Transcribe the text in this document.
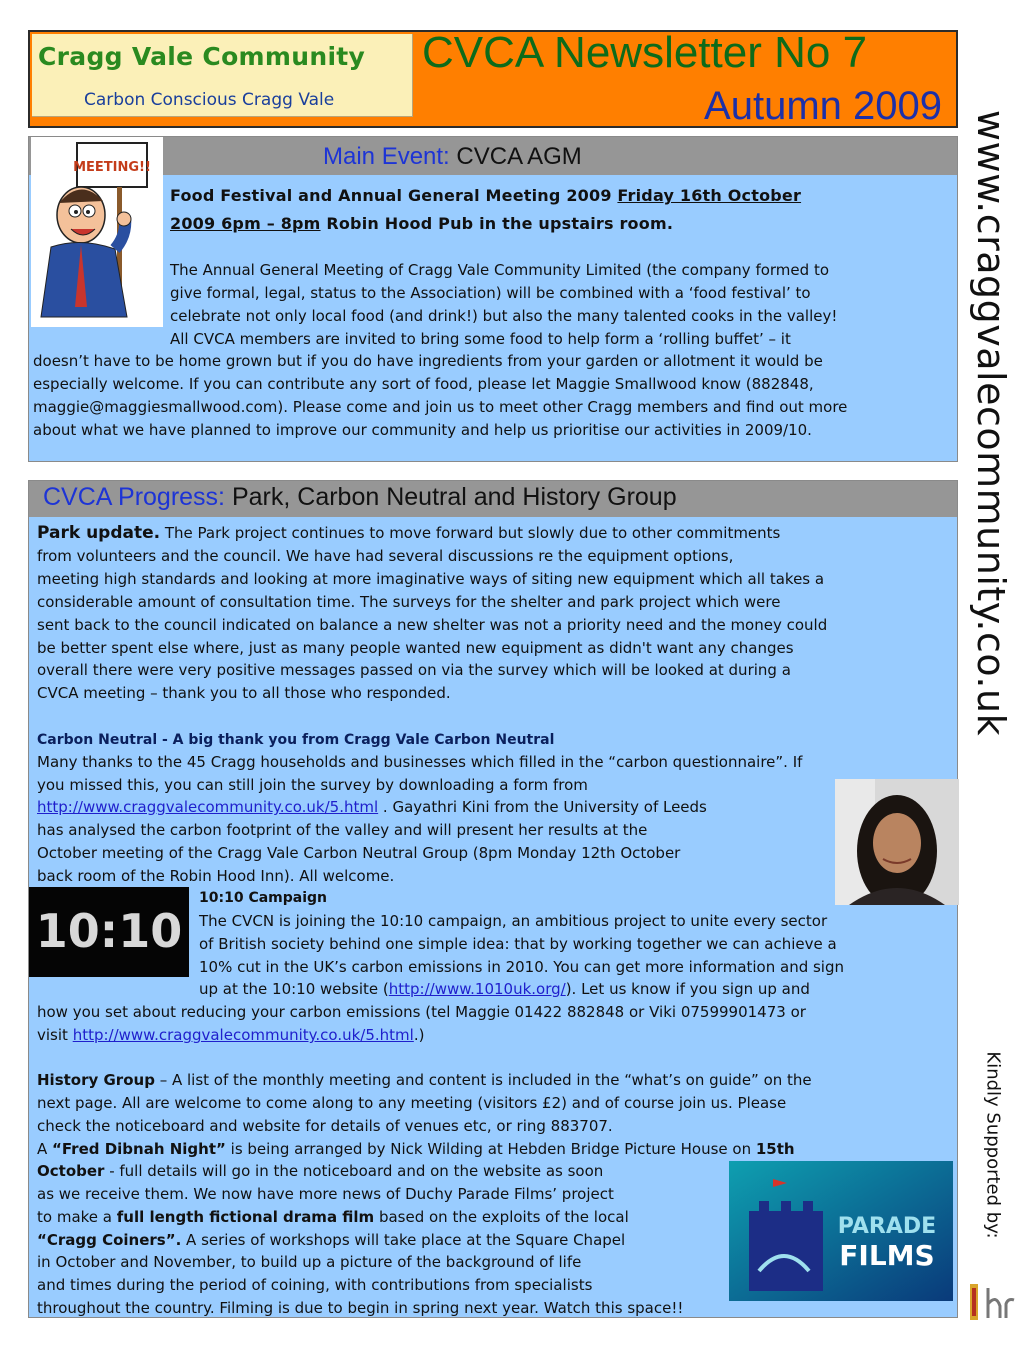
Cragg Vale Community
Carbon Conscious Cragg Vale
CVCA Newsletter No 7
Autumn 2009
www.craggvalecommunity.co.uk
Kindly Supported by:
Main Event: CVCA AGM
MEETING!!
Food Festival and Annual General Meeting 2009 Friday 16th October
2009 6pm – 8pm Robin Hood Pub in the upstairs room.
The Annual General Meeting of Cragg Vale Community Limited (the company formed to
give formal, legal, status to the Association) will be combined with a ‘food festival’ to
celebrate not only local food (and drink!) but also the many talented cooks in the valley!
All CVCA members are invited to bring some food to help form a ‘rolling buffet’ – it
doesn’t have to be home grown but if you do have ingredients from your garden or allotment it would be
especially welcome. If you can contribute any sort of food, please let Maggie Smallwood know (882848,
maggie@maggiesmallwood.com). Please come and join us to meet other Cragg members and find out more
about what we have planned to improve our community and help us prioritise our activities in 2009/10.
CVCA Progress: Park, Carbon Neutral and History Group
Park update. The Park project continues to move forward but slowly due to other commitments
from volunteers and the council. We have had several discussions re the equipment options,
meeting high standards and looking at more imaginative ways of siting new equipment which all takes a
considerable amount of consultation time. The surveys for the shelter and park project which were
sent back to the council indicated on balance a new shelter was not a priority need and the money could
be better spent else where, just as many people wanted new equipment as didn't want any changes
overall there were very positive messages passed on via the survey which will be looked at during a
CVCA meeting – thank you to all those who responded.
Carbon Neutral - A big thank you from Cragg Vale Carbon Neutral
Many thanks to the 45 Cragg households and businesses which filled in the “carbon questionnaire”. If
you missed this, you can still join the survey by downloading a form from
http://www.craggvalecommunity.co.uk/5.html . Gayathri Kini from the University of Leeds
has analysed the carbon footprint of the valley and will present her results at the
October meeting of the Cragg Vale Carbon Neutral Group (8pm Monday 12th October
back room of the Robin Hood Inn). All welcome.
10:10
10:10 Campaign
The CVCN is joining the 10:10 campaign, an ambitious project to unite every sector
of British society behind one simple idea: that by working together we can achieve a
10% cut in the UK’s carbon emissions in 2010. You can get more information and sign
up at the 10:10 website (http://www.1010uk.org/). Let us know if you sign up and
how you set about reducing your carbon emissions (tel Maggie 01422 882848 or Viki 07599901473 or
visit http://www.craggvalecommunity.co.uk/5.html.)
History Group – A list of the monthly meeting and content is included in the “what’s on guide” on the
next page. All are welcome to come along to any meeting (visitors £2) and of course join us. Please
check the noticeboard and website for details of venues etc, or ring 883707.
A “Fred Dibnah Night” is being arranged by Nick Wilding at Hebden Bridge Picture House on 15th
October - full details will go in the noticeboard and on the website as soon
as we receive them. We now have more news of Duchy Parade Films’ project
to make a full length fictional drama film based on the exploits of the local
“Cragg Coiners”. A series of workshops will take place at the Square Chapel
in October and November, to build up a picture of the background of life
and times during the period of coining, with contributions from specialists
throughout the country. Filming is due to begin in spring next year. Watch this space!!
PARADE
FILMS
